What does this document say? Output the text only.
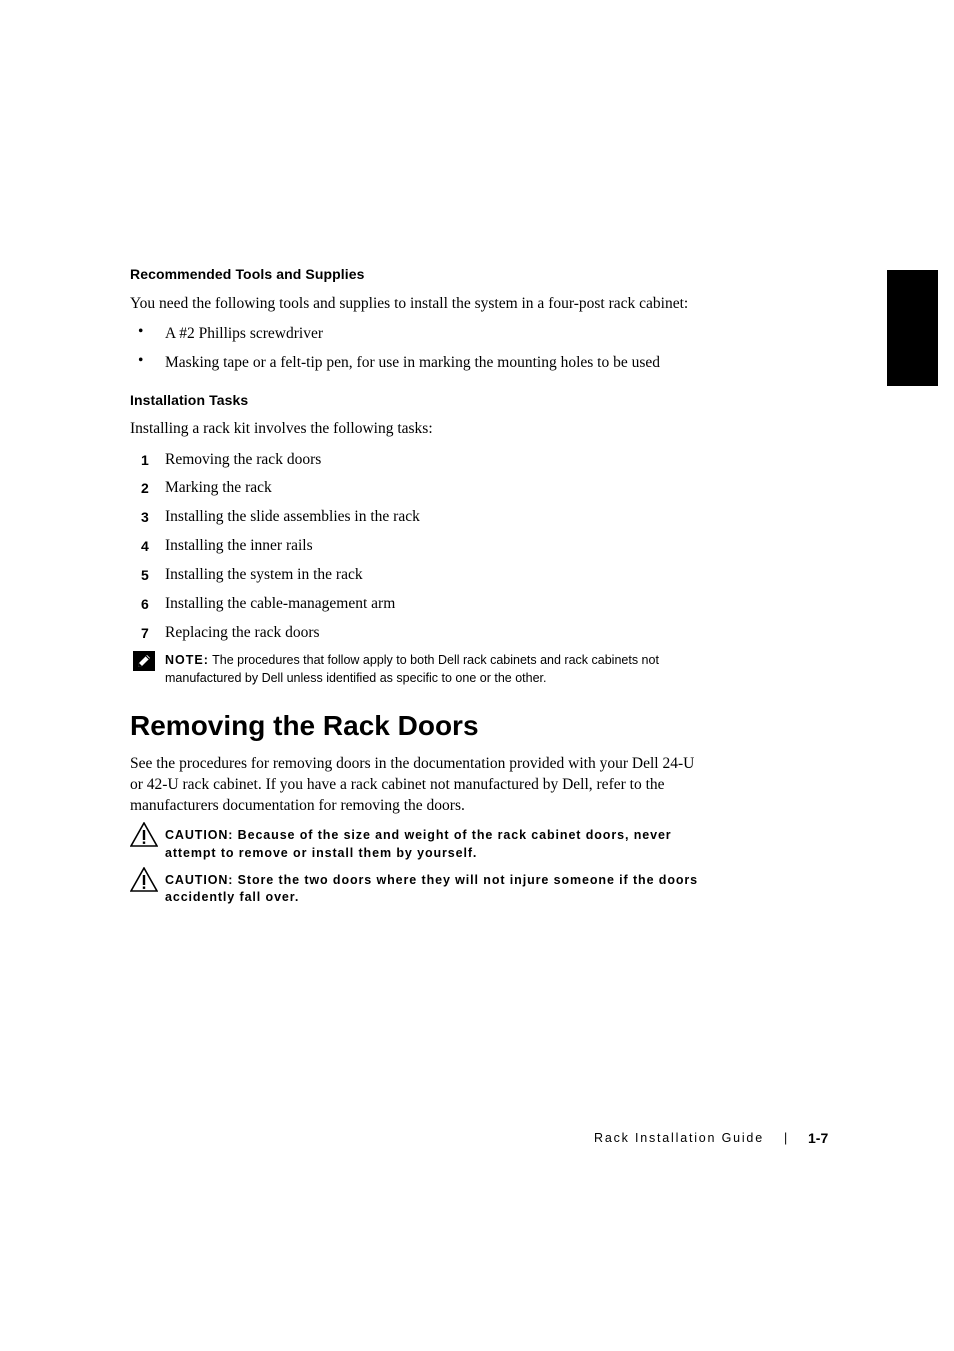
Recommended Tools and Supplies
You need the following tools and supplies to install the system in a four-post rack cabinet:
• A #2 Phillips screwdriver
• Masking tape or a felt-tip pen, for use in marking the mounting holes to be used
Installation Tasks
Installing a rack kit involves the following tasks:
1 Removing the rack doors
2 Marking the rack
3 Installing the slide assemblies in the rack
4 Installing the inner rails
5 Installing the system in the rack
6 Installing the cable-management arm
7 Replacing the rack doors
NOTE: The procedures that follow apply to both Dell rack cabinets and rack cabinets not
manufactured by Dell unless identified as specific to one or the other.
Removing the Rack Doors
See the procedures for removing doors in the documentation provided with your Dell 24-U
or 42-U rack cabinet. If you have a rack cabinet not manufactured by Dell, refer to the
manufacturers documentation for removing the doors.
CAUTION: Because of the size and weight of the rack cabinet doors, never
attempt to remove or install them by yourself.
CAUTION: Store the two doors where they will not injure someone if the doors
accidently fall over.
Rack Installation Guide | 1-7
